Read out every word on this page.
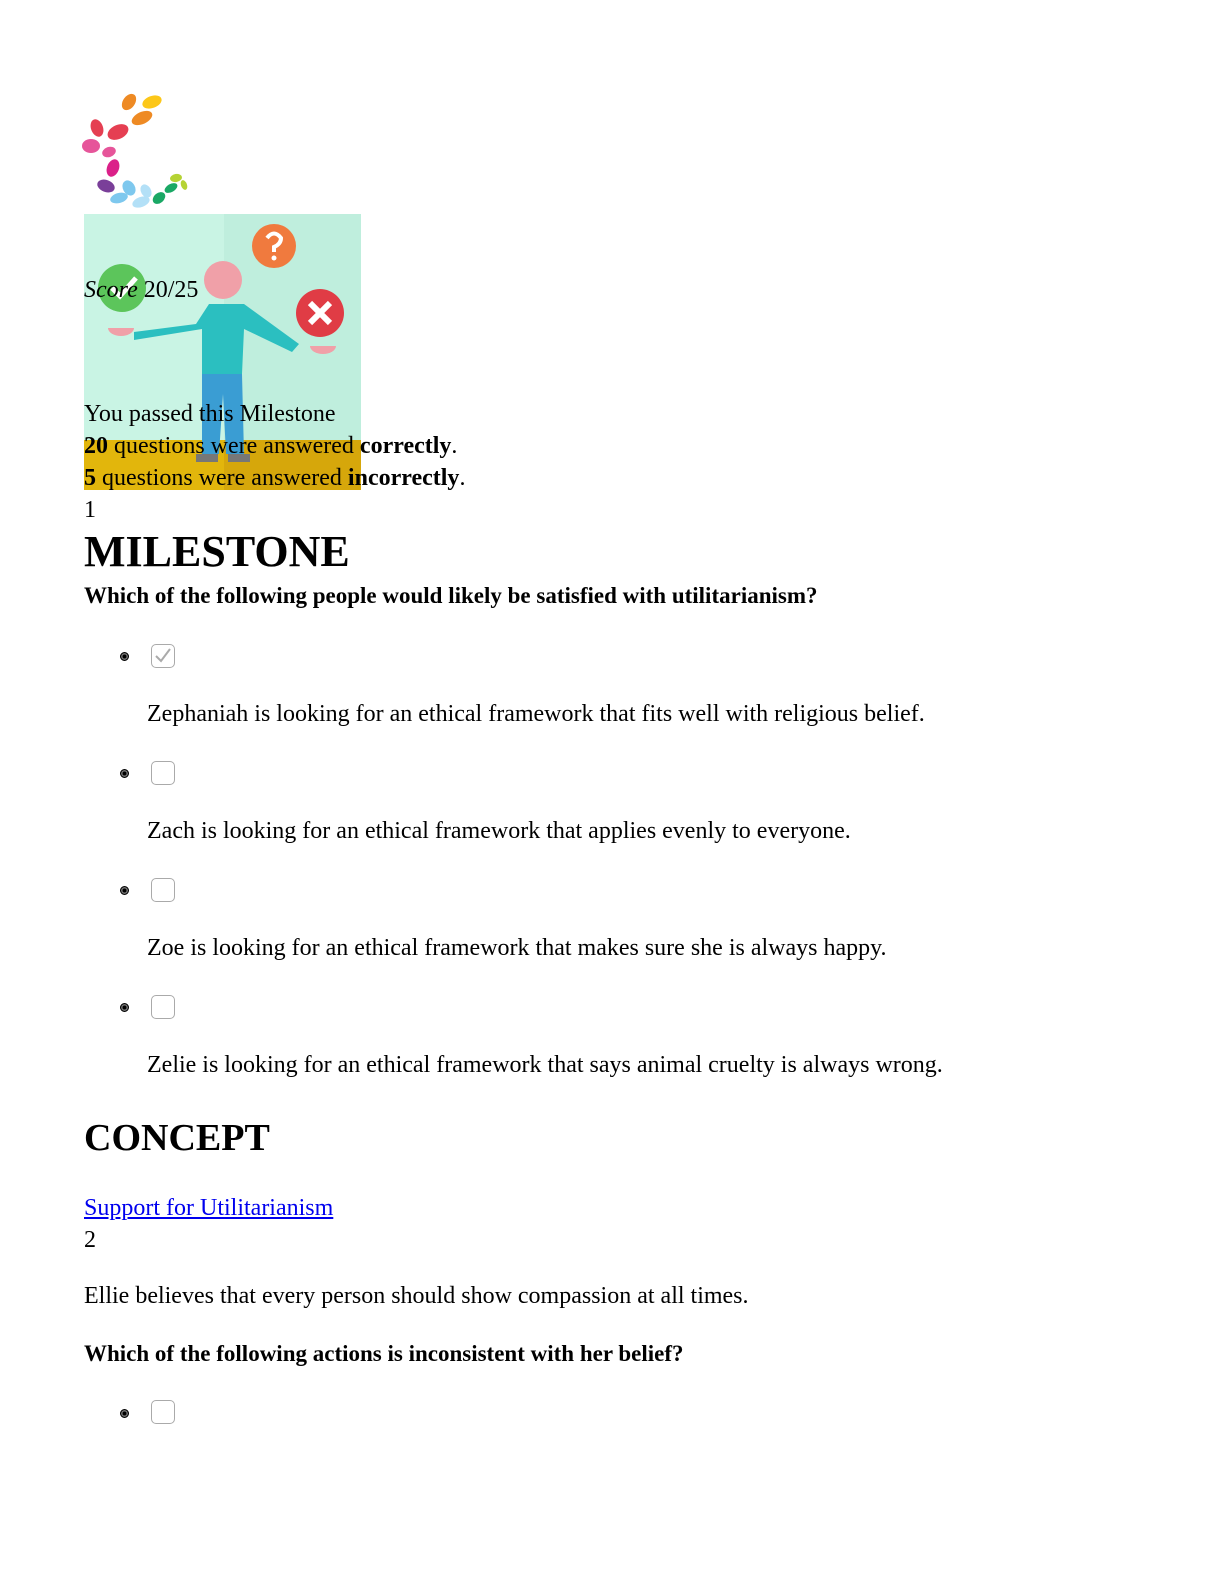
Score 20/25
You passed this Milestone
20 questions were answered correctly.
5 questions were answered incorrectly.
1
MILESTONE
Which of the following people would likely be satisfied with utilitarianism?
Zephaniah is looking for an ethical framework that fits well with religious belief.
Zach is looking for an ethical framework that applies evenly to everyone.
Zoe is looking for an ethical framework that makes sure she is always happy.
Zelie is looking for an ethical framework that says animal cruelty is always wrong.
CONCEPT
Support for Utilitarianism
2
Ellie believes that every person should show compassion at all times.
Which of the following actions is inconsistent with her belief?
